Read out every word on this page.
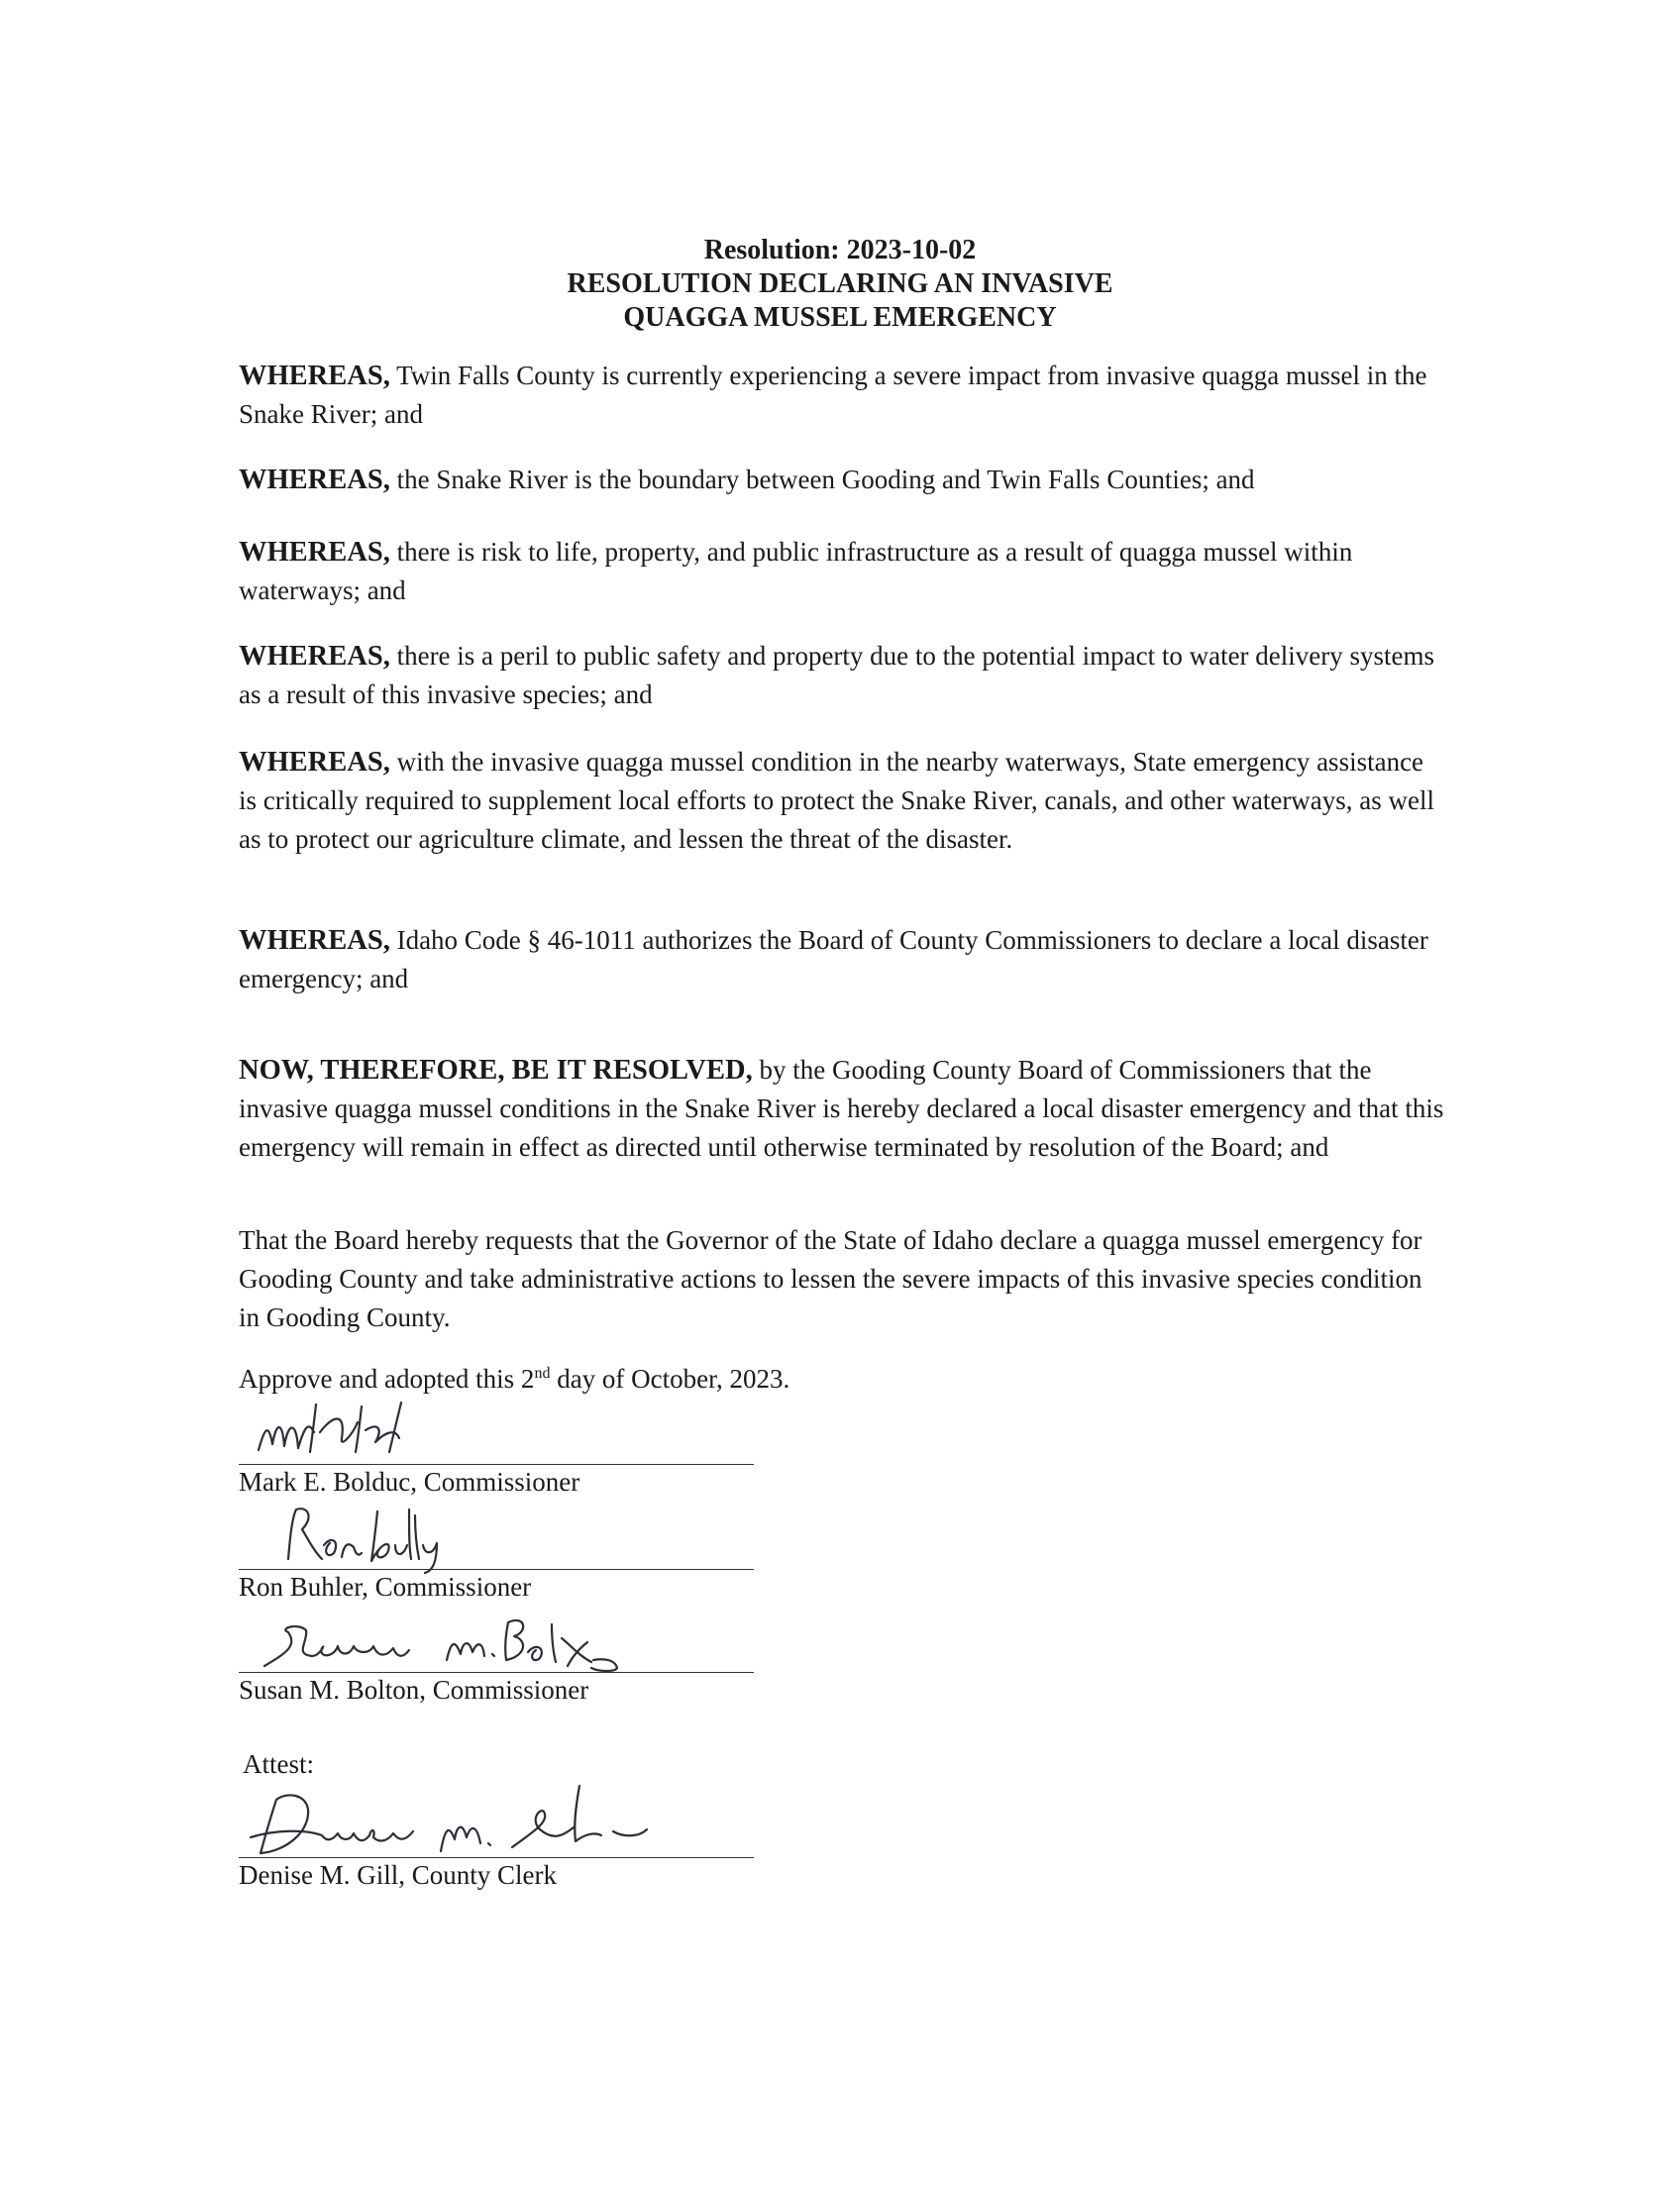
Resolution: 2023-10-02
RESOLUTION DECLARING AN INVASIVE
QUAGGA MUSSEL EMERGENCY
WHEREAS, Twin Falls County is currently experiencing a severe impact from invasive quagga mussel in the Snake River; and
WHEREAS, the Snake River is the boundary between Gooding and Twin Falls Counties; and
WHEREAS, there is risk to life, property, and public infrastructure as a result of quagga mussel within waterways; and
WHEREAS, there is a peril to public safety and property due to the potential impact to water delivery systems as a result of this invasive species; and
WHEREAS, with the invasive quagga mussel condition in the nearby waterways, State emergency assistance is critically required to supplement local efforts to protect the Snake River, canals, and other waterways, as well as to protect our agriculture climate, and lessen the threat of the disaster.
WHEREAS, Idaho Code § 46-1011 authorizes the Board of County Commissioners to declare a local disaster emergency; and
NOW, THEREFORE, BE IT RESOLVED, by the Gooding County Board of Commissioners that the invasive quagga mussel conditions in the Snake River is hereby declared a local disaster emergency and that this emergency will remain in effect as directed until otherwise terminated by resolution of the Board; and
That the Board hereby requests that the Governor of the State of Idaho declare a quagga mussel emergency for Gooding County and take administrative actions to lessen the severe impacts of this invasive species condition in Gooding County.
Approve and adopted this 2nd day of October, 2023.
Mark E. Bolduc, Commissioner
Ron Buhler, Commissioner
Susan M. Bolton, Commissioner
Attest:
Denise M. Gill, County Clerk
